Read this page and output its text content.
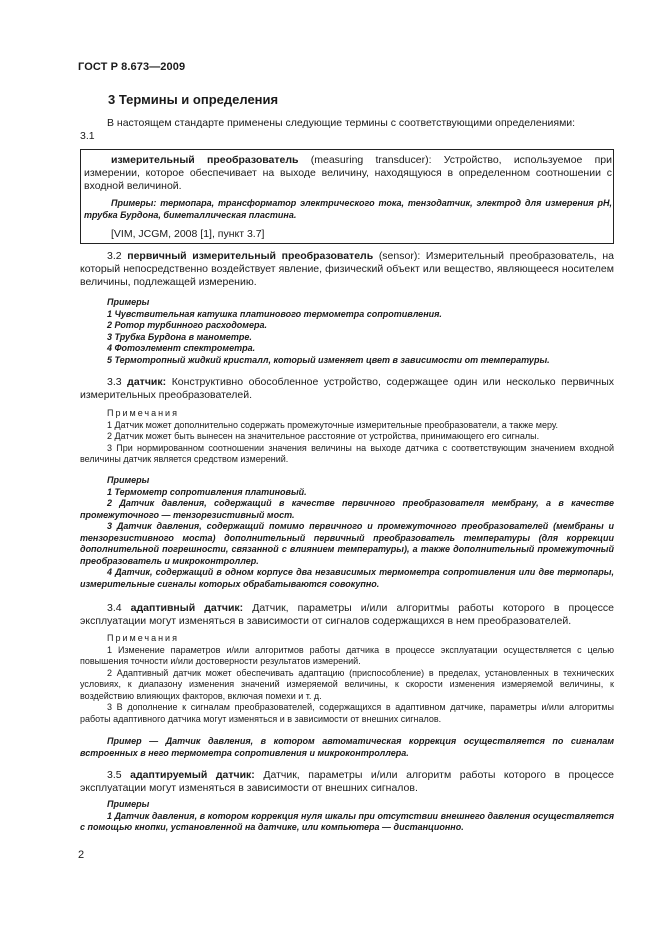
ГОСТ Р 8.673—2009
3 Термины и определения
В настоящем стандарте применены следующие термины с соответствующими определениями:
3.1
измерительный преобразователь (measuring transducer): Устройство, используемое при измерении, которое обеспечивает на выходе величину, находящуюся в определенном соотношении с входной величиной.
Примеры: термопара, трансформатор электрического тока, тензодатчик, электрод для измерения pH, трубка Бурдона, биметаллическая пластина.
[VIM, JCGM, 2008 [1], пункт 3.7]
3.2 первичный измерительный преобразователь (sensor): Измерительный преобразователь, на который непосредственно воздействует явление, физический объект или вещество, являющееся носителем величины, подлежащей измерению.
Примеры
1 Чувствительная катушка платинового термометра сопротивления.
2 Ротор турбинного расходомера.
3 Трубка Бурдона в манометре.
4 Фотоэлемент спектрометра.
5 Термотропный жидкий кристалл, который изменяет цвет в зависимости от температуры.
3.3 датчик: Конструктивно обособленное устройство, содержащее один или несколько первичных измерительных преобразователей.
Примечания
1 Датчик может дополнительно содержать промежуточные измерительные преобразователи, а также меру.
2 Датчик может быть вынесен на значительное расстояние от устройства, принимающего его сигналы.
3 При нормированном соотношении значения величины на выходе датчика с соответствующим значением входной величины датчик является средством измерений.
Примеры
1 Термометр сопротивления платиновый.
2 Датчик давления, содержащий в качестве первичного преобразователя мембрану, а в качестве промежуточного — тензорезистивный мост.
3 Датчик давления, содержащий помимо первичного и промежуточного преобразователей (мембраны и тензорезистивного моста) дополнительный первичный преобразователь температуры (для коррекции дополнительной погрешности, связанной с влиянием температуры), а также дополнительный промежуточный преобразователь и микроконтроллер.
4 Датчик, содержащий в одном корпусе два независимых термометра сопротивления или две термопары, измерительные сигналы которых обрабатываются совокупно.
3.4 адаптивный датчик: Датчик, параметры и/или алгоритмы работы которого в процессе эксплуатации могут изменяться в зависимости от сигналов содержащихся в нем преобразователей.
Примечания
1 Изменение параметров и/или алгоритмов работы датчика в процессе эксплуатации осуществляется с целью повышения точности и/или достоверности результатов измерений.
2 Адаптивный датчик может обеспечивать адаптацию (приспособление) в пределах, установленных в технических условиях, к диапазону изменения значений измеряемой величины, к скорости изменения измеряемой величины, к воздействию влияющих факторов, включая помехи и т. д.
3 В дополнение к сигналам преобразователей, содержащихся в адаптивном датчике, параметры и/или алгоритмы работы адаптивного датчика могут изменяться и в зависимости от внешних сигналов.
Пример — Датчик давления, в котором автоматическая коррекция осуществляется по сигналам встроенных в него термометра сопротивления и микроконтроллера.
3.5 адаптируемый датчик: Датчик, параметры и/или алгоритм работы которого в процессе эксплуатации могут изменяться в зависимости от внешних сигналов.
Примеры
1 Датчик давления, в котором коррекция нуля шкалы при отсутствии внешнего давления осуществляется с помощью кнопки, установленной на датчике, или компьютера — дистанционно.
2
